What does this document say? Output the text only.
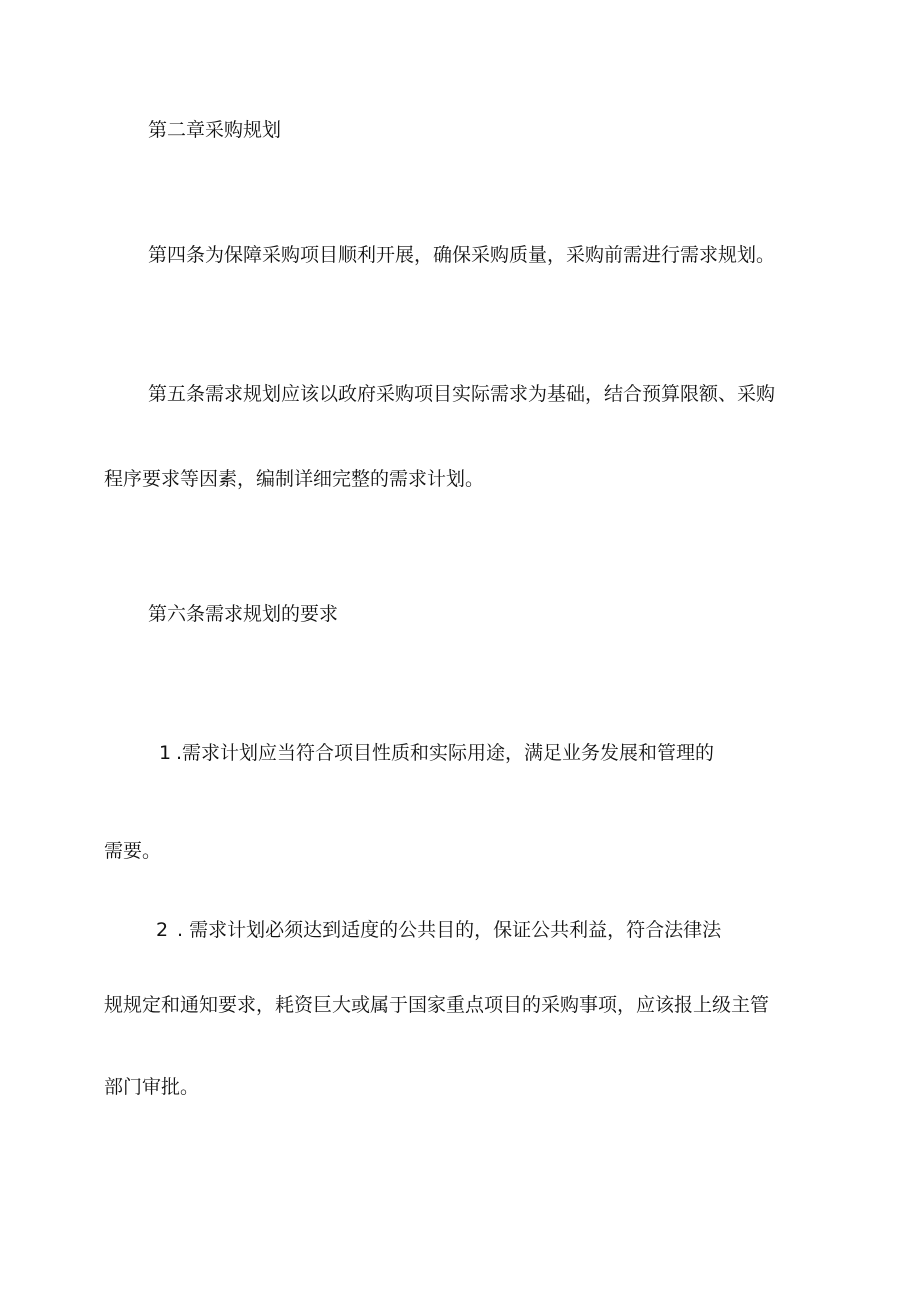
第二章采购规划
第四条为保障采购项目顺利开展，确保采购质量，采购前需进行需求规划。
第五条需求规划应该以政府采购项目实际需求为基础，结合预算限额、采购
程序要求等因素，编制详细完整的需求计划。
第六条需求规划的要求
1 .需求计划应当符合项目性质和实际用途，满足业务发展和管理的
需要。
2 . 需求计划必须达到适度的公共目的，保证公共利益，符合法律法
规规定和通知要求，耗资巨大或属于国家重点项目的采购事项，应该报上级主管
部门审批。
